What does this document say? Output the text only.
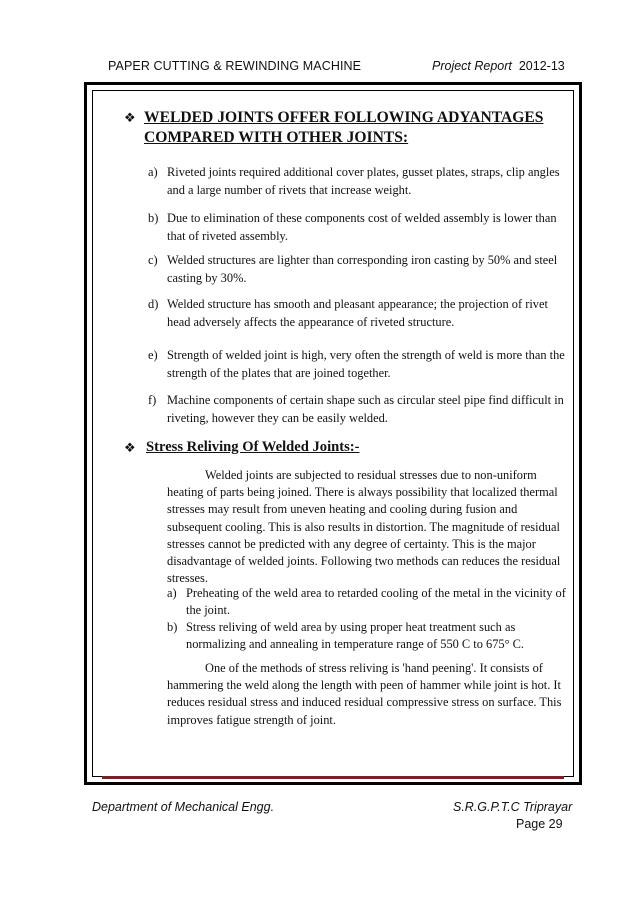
PAPER CUTTING & REWINDING MACHINE	Project Report 2012-13
❖ WELDED JOINTS OFFER FOLLOWING ADYANTAGES
COMPARED WITH OTHER JOINTS:
a) Riveted joints required additional cover plates, gusset plates, straps, clip angles and a large number of rivets that increase weight.
b) Due to elimination of these components cost of welded assembly is lower than that of riveted assembly.
c) Welded structures are lighter than corresponding iron casting by 50% and steel casting by 30%.
d) Welded structure has smooth and pleasant appearance; the projection of rivet head adversely affects the appearance of riveted structure.
e) Strength of welded joint is high, very often the strength of weld is more than the strength of the plates that are joined together.
f) Machine components of certain shape such as circular steel pipe find difficult in riveting, however they can be easily welded.
❖ Stress Reliving Of Welded Joints:-
Welded joints are subjected to residual stresses due to non-uniform heating of parts being joined. There is always possibility that localized thermal stresses may result from uneven heating and cooling during fusion and subsequent cooling. This is also results in distortion. The magnitude of residual stresses cannot be predicted with any degree of certainty. This is the major disadvantage of welded joints. Following two methods can reduces the residual stresses.
a) Preheating of the weld area to retarded cooling of the metal in the vicinity of the joint.
b) Stress reliving of weld area by using proper heat treatment such as normalizing and annealing in temperature range of 550 C to 675° C.
One of the methods of stress reliving is 'hand peening'. It consists of hammering the weld along the length with peen of hammer while joint is hot. It reduces residual stress and induced residual compressive stress on surface. This improves fatigue strength of joint.
Department of Mechanical Engg.	S.R.G.P.T.C Triprayar
Page 29
